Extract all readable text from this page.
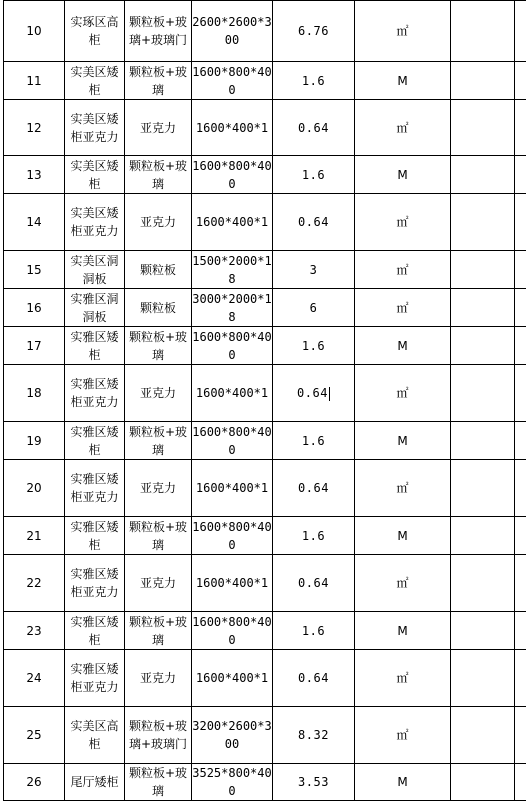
10	实琢区高柜	颗粒板+玻璃+玻璃门	2600*2600*300	6.76	㎡		
11	实美区矮柜	颗粒板+玻璃	1600*800*400	1.6	M		
12	实美区矮柜亚克力	亚克力	1600*400*1	0.64	㎡		
13	实美区矮柜	颗粒板+玻璃	1600*800*400	1.6	M		
14	实美区矮柜亚克力	亚克力	1600*400*1	0.64	㎡		
15	实美区洞洞板	颗粒板	1500*2000*18	3	㎡		
16	实雅区洞洞板	颗粒板	3000*2000*18	6	㎡		
17	实雅区矮柜	颗粒板+玻璃	1600*800*400	1.6	M		
18	实雅区矮柜亚克力	亚克力	1600*400*1	0.64	㎡		
19	实雅区矮柜	颗粒板+玻璃	1600*800*400	1.6	M		
20	实雅区矮柜亚克力	亚克力	1600*400*1	0.64	㎡		
21	实雅区矮柜	颗粒板+玻璃	1600*800*400	1.6	M		
22	实雅区矮柜亚克力	亚克力	1600*400*1	0.64	㎡		
23	实雅区矮柜	颗粒板+玻璃	1600*800*400	1.6	M		
24	实雅区矮柜亚克力	亚克力	1600*400*1	0.64	㎡		
25	实美区高柜	颗粒板+玻璃+玻璃门	3200*2600*300	8.32	㎡		
26	尾厅矮柜	颗粒板+玻璃	3525*800*400	3.53	M		
